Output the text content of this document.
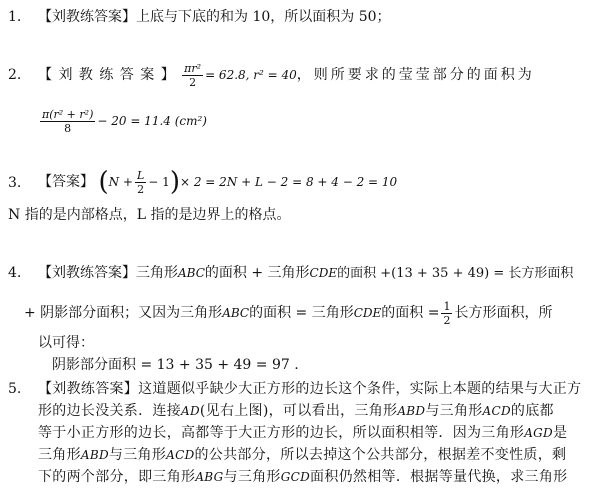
1. 【刘教练答案】上底与下底的和为 10，所以面积为 50；
2. 【 刘 教 练 答 案 】 $\frac{\text{πr²}}{2} = 62.8$, r² = 40，则所要求的莹莹部分的面积为
$\frac{\text{π(r² + r²)}}{8} - 20 = 11.4$ (cm²)
3. 【答案】 $(N + \frac{L}{2} - 1)\times 2 = 2N + L - 2 = 8 + 4 - 2 = 10$
N 指的是内部格点，L 指的是边界上的格点。
4. 【刘教练答案】三角形ABC的面积 + 三角形CDE的面积 +(13 + 35 + 49) = 长方形面积
+ 阴影部分面积；又因为三角形ABC的面积 = 三角形CDE的面积 = $\frac{1}{2}$ 长方形面积，所
以可得：
阴影部分面积 = 13 + 35 + 49 = 97 .
5. 【刘教练答案】这道题似乎缺少大正方形的边长这个条件，实际上本题的结果与大正方
形的边长没关系．连接AD(见右上图)，可以看出，三角形ABD与三角形ACD的底都
等于小正方形的边长，高都等于大正方形的边长，所以面积相等．因为三角形AGD是
三角形ABD与三角形ACD的公共部分，所以去掉这个公共部分，根据差不变性质，剩
下的两个部分，即三角形ABG与三角形GCD面积仍然相等．根据等量代换，求三角形
